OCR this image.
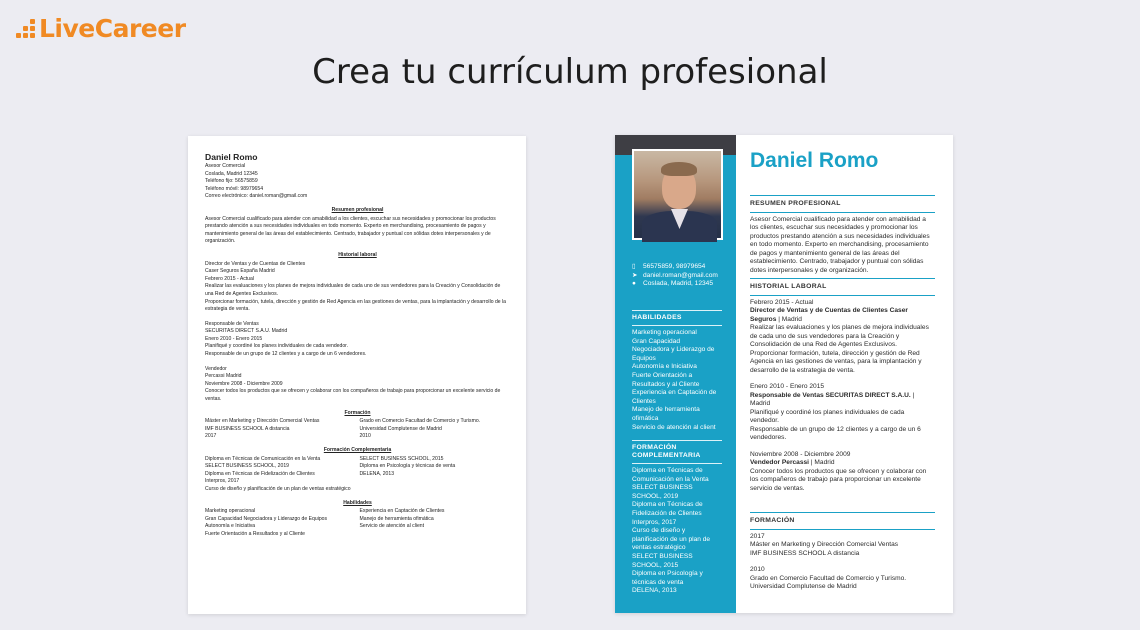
LiveCareer
Crea tu currículum profesional
Daniel Romo
Asesor Comercial
Coslada, Madrid 12345
Teléfono fijo: 56575859
Teléfono móvil: 98979654
Correo electrónico: daniel.roman@gmail.com
Resumen profesional
Asesor Comercial cualificado para atender con amabilidad a los clientes, escuchar sus necesidades y promocionar los productos prestando atención a sus necesidades individuales en todo momento. Experto en merchandising, procesamiento de pagos y mantenimiento general de las áreas del establecimiento. Centrado, trabajador y puntual con sólidas dotes interpersonales y de organización.
Historial laboral
Director de Ventas y de Cuentas de Clientes
Caser Seguros España Madrid
Febrero 2015 - Actual
Realizar las evaluaciones y los planes de mejora individuales de cada uno de sus vendedores para la Creación y Consolidación de una Red de Agentes Exclusivos.
Proporcionar formación, tutela, dirección y gestión de Red Agencia en las gestiones de ventas, para la implantación y desarrollo de la estrategia de venta.
Responsable de Ventas
SECURITAS DIRECT S.A.U. Madrid
Enero 2010 - Enero 2015
Planifiqué y coordiné los planes individuales de cada vendedor.
Responsable de un grupo de 12 clientes y a cargo de un 6 vendedores.
Vendedor
Percassi Madrid
Noviembre 2008 - Diciembre 2009
Conocer todos los productos que se ofrecen y colaborar con los compañeros de trabajo para proporcionar un excelente servicio de ventas.
Formación
Máster en Marketing y Dirección Comercial Ventas
IMF BUSINESS SCHOOL A distancia
2017
Grado en Comercio Facultad de Comercio y Turismo.
Universidad Complutense de Madrid
2010
Formación Complementaria
Diploma en Técnicas de Comunicación en la Venta
SELECT BUSINESS SCHOOL, 2019
Diploma en Técnicas de Fidelización de Clientes
Interpros, 2017
Curso de diseño y planificación de un plan de ventas estratégico
SELECT BUSINESS SCHOOL, 2015
Diploma en Psicología y técnicas de venta
DELENA, 2013
Habilidades
Marketing operacional
Gran Capacidad Negociadora y Liderazgo de Equipos
Autonomía e Iniciativa
Fuerte Orientación a Resultados y al Cliente
Experiencia en Captación de Clientes
Manejo de herramienta ofimática
Servicio de atención al client
▯	56575859, 98979654
➤ daniel.roman@gmail.com
●	Coslada, Madrid, 12345
HABILIDADES
Marketing operacional
Gran Capacidad
Negociadora y Liderazgo de
Equipos
Autonomía e Iniciativa
Fuerte Orientación a
Resultados y al Cliente
Experiencia en Captación de
Clientes
Manejo de herramienta
ofimática
Servicio de atención al client
FORMACIÓN
COMPLEMENTARIA
Diploma en Técnicas de
Comunicación en la Venta
SELECT BUSINESS
SCHOOL, 2019
Diploma en Técnicas de
Fidelización de Clientes
Interpros, 2017
Curso de diseño y
planificación de un plan de
ventas estratégico
SELECT BUSINESS
SCHOOL, 2015
Diploma en Psicología y
técnicas de venta
DELENA, 2013
Daniel Romo
RESUMEN PROFESIONAL
Asesor Comercial cualificado para atender con amabilidad a los clientes, escuchar sus necesidades y promocionar los productos prestando atención a sus necesidades individuales en todo momento. Experto en merchandising, procesamiento de pagos y mantenimiento general de las áreas del establecimiento. Centrado, trabajador y puntual con sólidas dotes interpersonales y de organización.
HISTORIAL LABORAL
Febrero 2015 - Actual
Director de Ventas y de Cuentas de Clientes Caser Seguros | Madrid
Realizar las evaluaciones y los planes de mejora individuales de cada uno de sus vendedores para la Creación y Consolidación de una Red de Agentes Exclusivos.
Proporcionar formación, tutela, dirección y gestión de Red Agencia en las gestiones de ventas, para la implantación y desarrollo de la estrategia de venta.
Enero 2010 - Enero 2015
Responsable de Ventas SECURITAS DIRECT S.A.U. | Madrid
Planifiqué y coordiné los planes individuales de cada vendedor.
Responsable de un grupo de 12 clientes y a cargo de un 6 vendedores.
Noviembre 2008 - Diciembre 2009
Vendedor Percassi | Madrid
Conocer todos los productos que se ofrecen y colaborar con los compañeros de trabajo para proporcionar un excelente servicio de ventas.
FORMACIÓN
2017
Máster en Marketing y Dirección Comercial Ventas
IMF BUSINESS SCHOOL A distancia
2010
Grado en Comercio Facultad de Comercio y Turismo.
Universidad Complutense de Madrid
